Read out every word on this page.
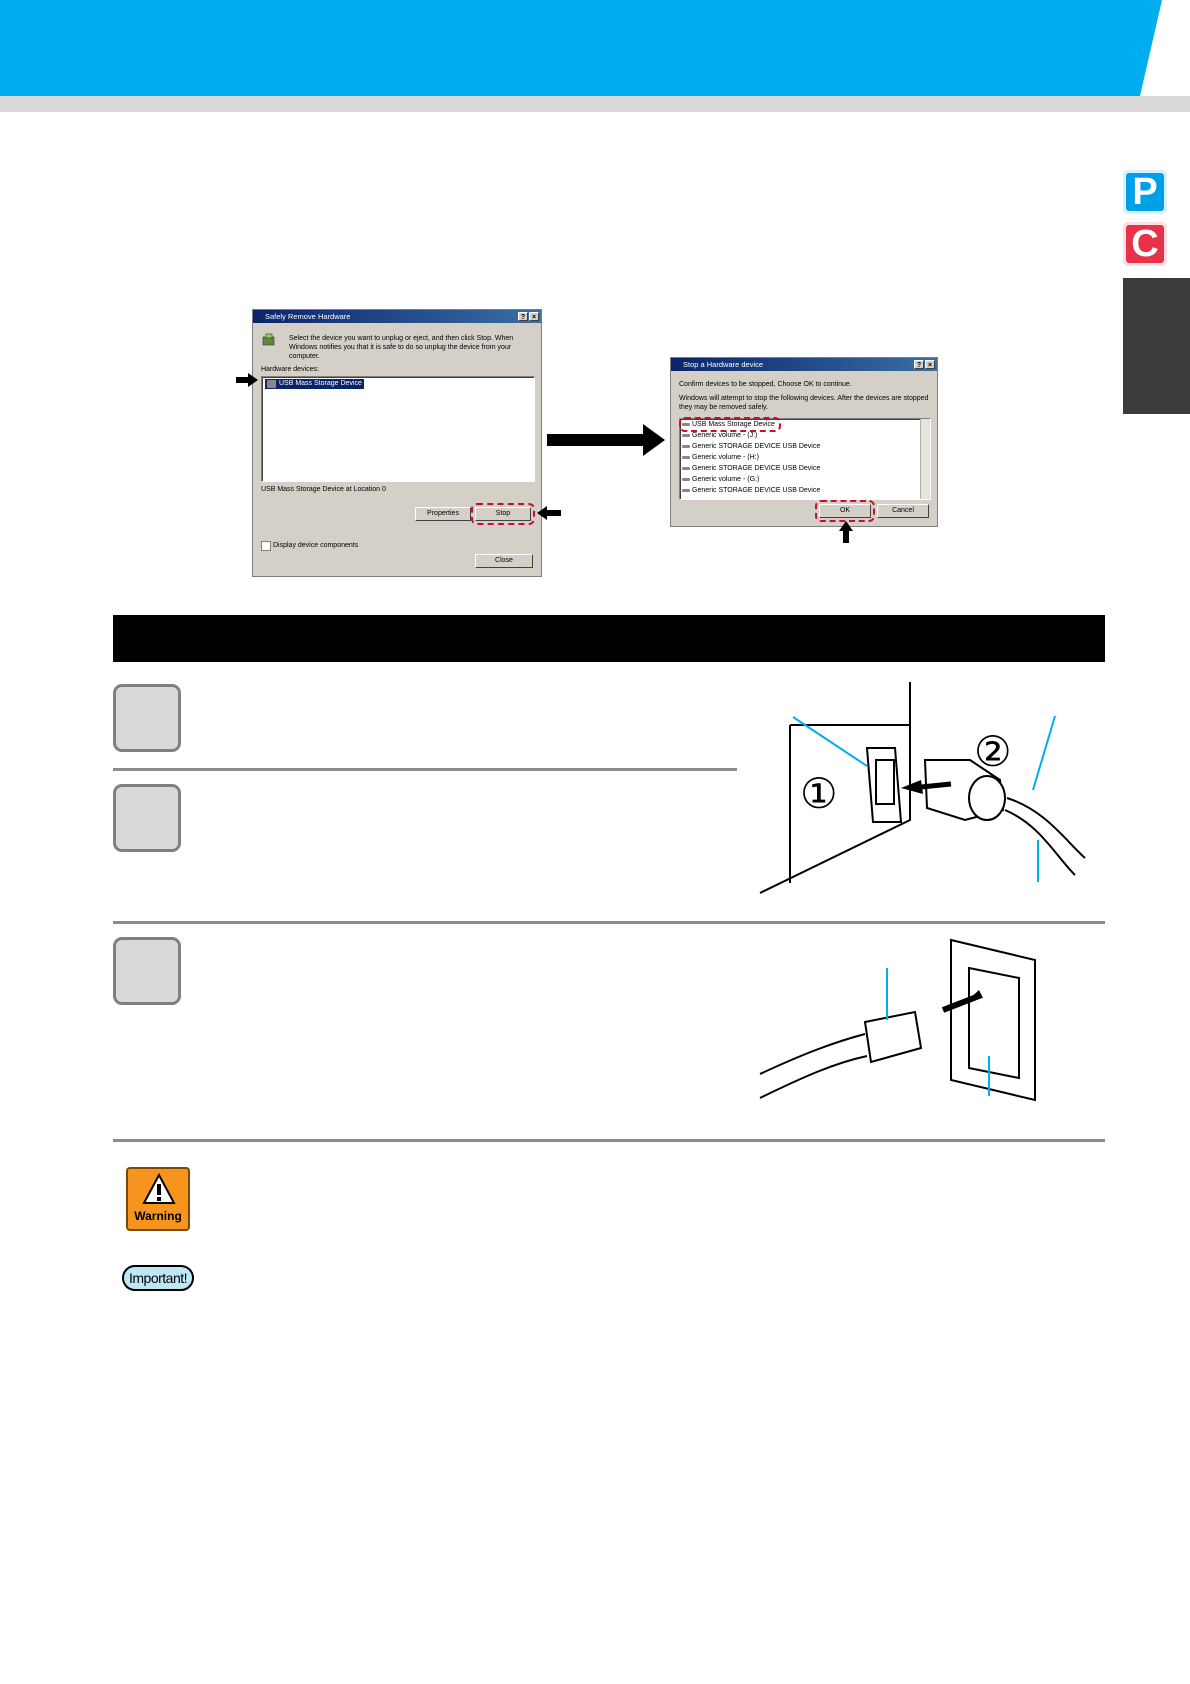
P
C
Safely Remove Hardware	? ×
Select the device you want to unplug or eject, and then click Stop. When Windows notifies you that it is safe to do so unplug the device from your computer.
Hardware devices:
USB Mass Storage Device
USB Mass Storage Device at Location 0
Properties	Stop
Display device components
Close
Stop a Hardware device	? ×
Confirm devices to be stopped, Choose OK to continue.
Windows will attempt to stop the following devices. After the devices are stopped they may be removed safely.
USB Mass Storage Device
Generic volume - (J:)
Generic STORAGE DEVICE USB Device
Generic volume - (H:)
Generic STORAGE DEVICE USB Device
Generic volume - (G:)
Generic STORAGE DEVICE USB Device
OK	Cancel
①
②
Warning
Important!
